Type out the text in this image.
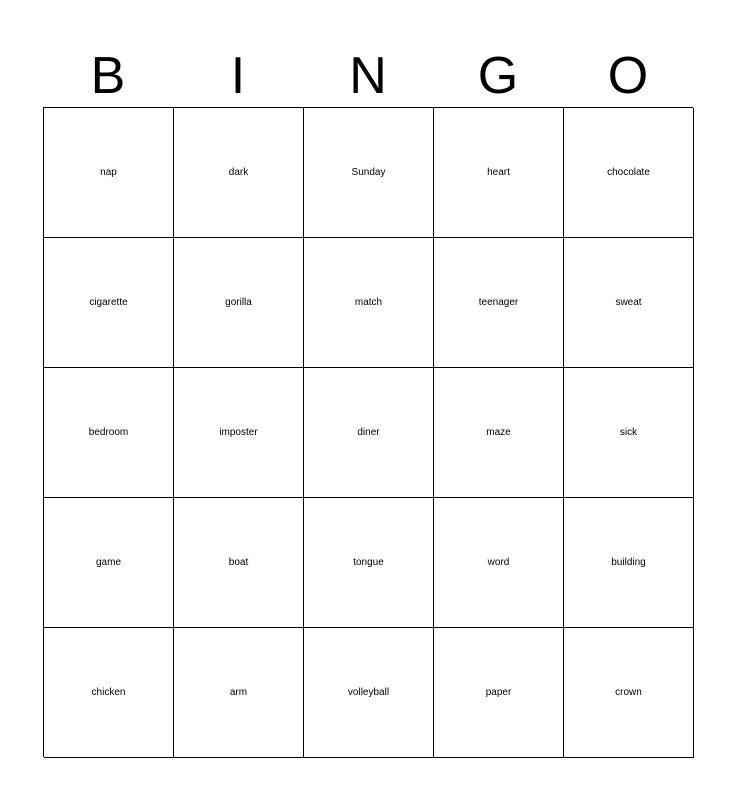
B	I	N	G	O
nap	dark	Sunday	heart	chocolate
cigarette	gorilla	match	teenager	sweat
bedroom	imposter	diner	maze	sick
game	boat	tongue	word	building
chicken	arm	volleyball	paper	crown
